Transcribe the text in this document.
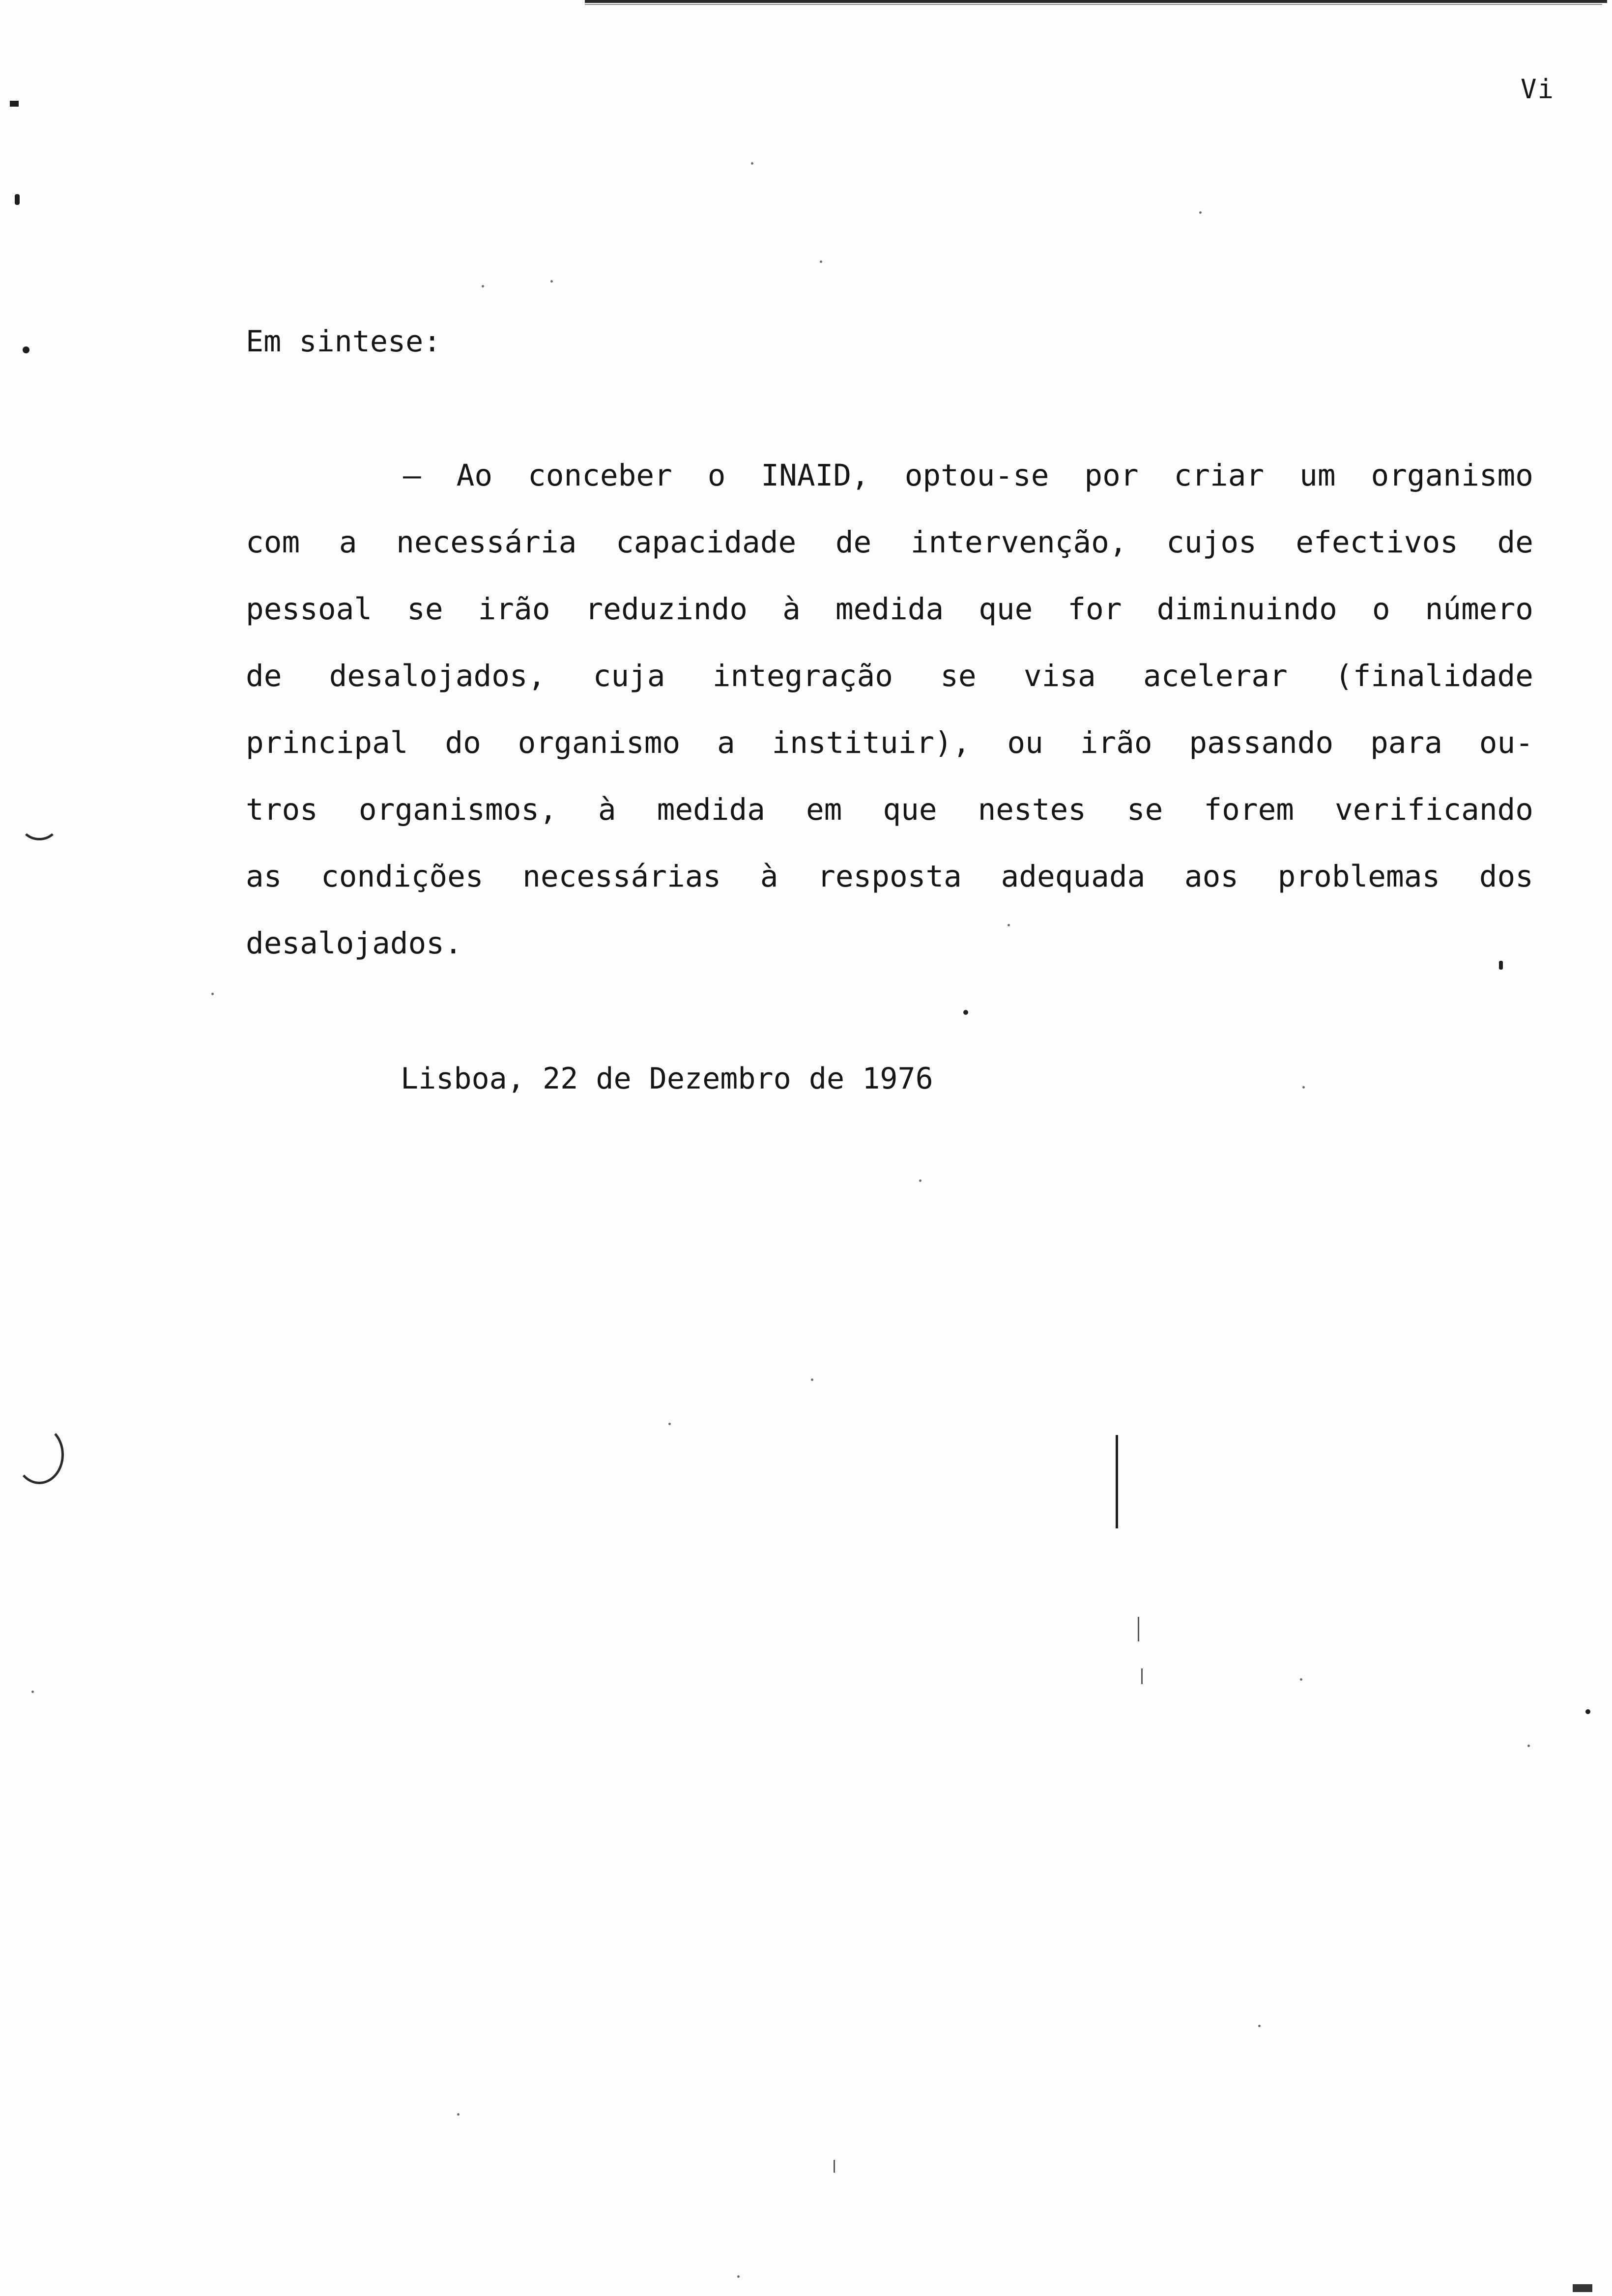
Vi
Em sintese:
— Ao conceber o INAID, optou-se por criar um organismo
com a necessária capacidade de intervenção, cujos efectivos de
pessoal se irão reduzindo à medida que for diminuindo o número
de desalojados, cuja integração se visa acelerar (finalidade
principal do organismo a instituir), ou irão passando para ou-
tros organismos, à medida em que nestes se forem verificando
as condições necessárias à resposta adequada aos problemas dos
desalojados.
Lisboa, 22 de Dezembro de 1976
